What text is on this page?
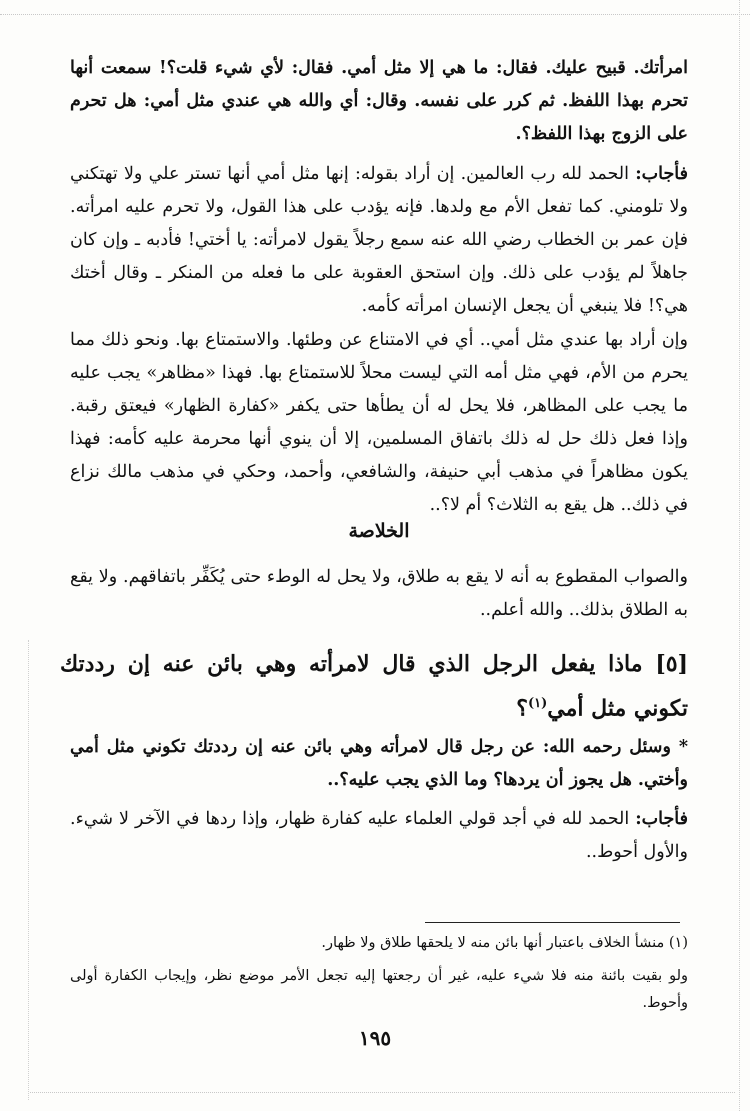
امرأتك. قبيح عليك. فقال: ما هي إلا مثل أمي. فقال: لأي شيء قلت؟! سمعت أنها تحرم بهذا اللفظ. ثم كرر على نفسه. وقال: أي والله هي عندي مثل أمي: هل تحرم على الزوج بهذا اللفظ؟.

فأجاب: الحمد لله رب العالمين. إن أراد بقوله: إنها مثل أمي أنها تستر علي ولا تهتكني ولا تلومني. كما تفعل الأم مع ولدها. فإنه يؤدب على هذا القول، ولا تحرم عليه امرأته. فإن عمر بن الخطاب رضي الله عنه سمع رجلاً يقول لامرأته: يا أختي! فأدبه ـ وإن كان جاهلاً لم يؤدب على ذلك. وإن استحق العقوبة على ما فعله من المنكر ـ وقال أختك هي؟! فلا ينبغي أن يجعل الإنسان امرأته كأمه.

وإن أراد بها عندي مثل أمي.. أي في الامتناع عن وطئها. والاستمتاع بها. ونحو ذلك مما يحرم من الأم، فهي مثل أمه التي ليست محلاً للاستمتاع بها. فهذا «مظاهر» يجب عليه ما يجب على المظاهر، فلا يحل له أن يطأها حتى يكفر «كفارة الظهار» فيعتق رقبة. وإذا فعل ذلك حل له ذلك باتفاق المسلمين، إلا أن ينوي أنها محرمة عليه كأمه: فهذا يكون مظاهراً في مذهب أبي حنيفة، والشافعي، وأحمد، وحكي في مذهب مالك نزاع في ذلك.. هل يقع به الثلاث؟ أم لا؟..

الخلاصة

والصواب المقطوع به أنه لا يقع به طلاق، ولا يحل له الوطء حتى يُكَفِّر باتفاقهم. ولا يقع به الطلاق بذلك.. والله أعلم..

[٥] ماذا يفعل الرجل الذي قال لامرأته وهي بائن عنه إن رددتك تكوني مثل أمي$^{(١)}$؟

* وسئل رحمه الله: عن رجل قال لامرأته وهي بائن عنه إن رددتك تكوني مثل أمي وأختي. هل يجوز أن يردها؟ وما الذي يجب عليه؟..

فأجاب: الحمد لله في أجد قولي العلماء عليه كفارة ظهار، وإذا ردها في الآخر لا شيء. والأول أحوط..

(١) منشأ الخلاف باعتبار أنها بائن منه لا يلحقها طلاق ولا ظهار.

ولو بقيت بائنة منه فلا شيء عليه، غير أن رجعتها إليه تجعل الأمر موضع نظر، وإيجاب الكفارة أولى وأحوط.

١٩٥
